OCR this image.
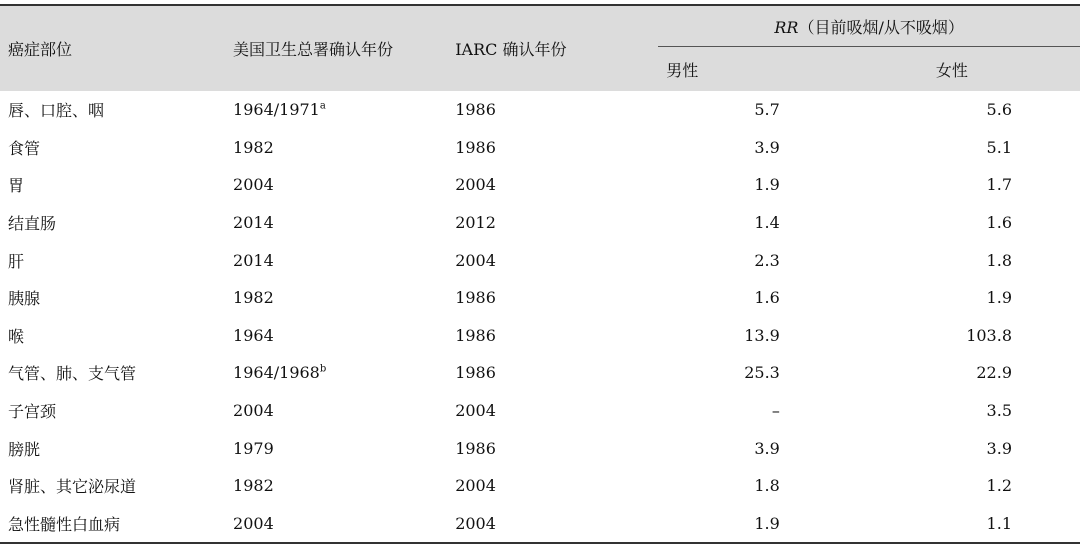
癌症部位	美国卫生总署确认年份	IARC 确认年份	RR（目前吸烟/从不吸烟）	
			男性	女性
唇、口腔、咽	1964/1971$^a$	1986	5.7	5.6
食管	1982	1986	3.9	5.1
胃	2004	2004	1.9	1.7
结直肠	2014	2012	1.4	1.6
肝	2014	2004	2.3	1.8
胰腺	1982	1986	1.6	1.9
喉	1964	1986	13.9	103.8
气管、肺、支气管	1964/1968$^b$	1986	25.3	22.9
子宫颈	2004	2004	–	3.5
膀胱	1979	1986	3.9	3.9
肾脏、其它泌尿道	1982	2004	1.8	1.2
急性髓性白血病	2004	2004	1.9	1.1
